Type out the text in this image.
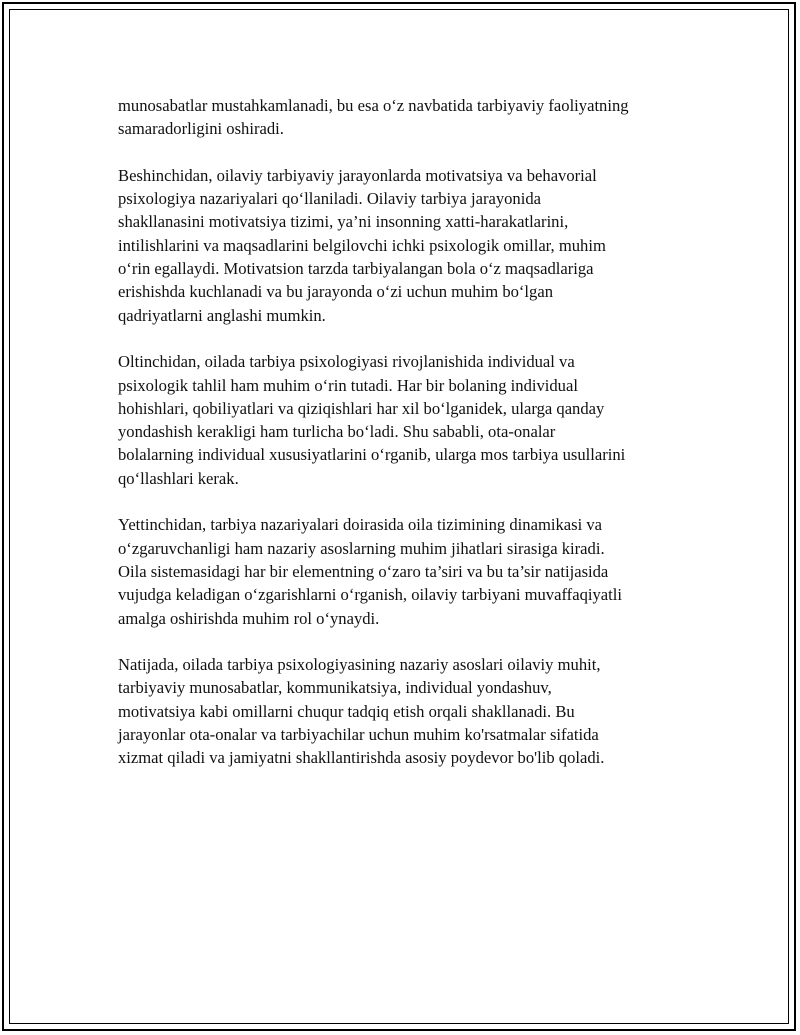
munosabatlar mustahkamlanadi, bu esa o‘z navbatida tarbiyaviy faoliyatning
samaradorligini oshiradi.

Beshinchidan, oilaviy tarbiyaviy jarayonlarda motivatsiya va behavorial
psixologiya nazariyalari qo‘llaniladi. Oilaviy tarbiya jarayonida
shakllanasini motivatsiya tizimi, ya’ni insonning xatti-harakatlarini,
intilishlarini va maqsadlarini belgilovchi ichki psixologik omillar, muhim
o‘rin egallaydi. Motivatsion tarzda tarbiyalangan bola o‘z maqsadlariga
erishishda kuchlanadi va bu jarayonda o‘zi uchun muhim bo‘lgan
qadriyatlarni anglashi mumkin.

Oltinchidan, oilada tarbiya psixologiyasi rivojlanishida individual va
psixologik tahlil ham muhim o‘rin tutadi. Har bir bolaning individual
hohishlari, qobiliyatlari va qiziqishlari har xil bo‘lganidek, ularga qanday
yondashish kerakligi ham turlicha bo‘ladi. Shu sababli, ota-onalar
bolalarning individual xususiyatlarini o‘rganib, ularga mos tarbiya usullarini
qo‘llashlari kerak.

Yettinchidan, tarbiya nazariyalari doirasida oila tizimining dinamikasi va
o‘zgaruvchanligi ham nazariy asoslarning muhim jihatlari sirasiga kiradi.
Oila sistemasidagi har bir elementning o‘zaro ta’siri va bu ta’sir natijasida
vujudga keladigan o‘zgarishlarni o‘rganish, oilaviy tarbiyani muvaffaqiyatli
amalga oshirishda muhim rol o‘ynaydi.

Natijada, oilada tarbiya psixologiyasining nazariy asoslari oilaviy muhit,
tarbiyaviy munosabatlar, kommunikatsiya, individual yondashuv,
motivatsiya kabi omillarni chuqur tadqiq etish orqali shakllanadi. Bu
jarayonlar ota-onalar va tarbiyachilar uchun muhim ko'rsatmalar sifatida
xizmat qiladi va jamiyatni shakllantirishda asosiy poydevor bo'lib qoladi.
